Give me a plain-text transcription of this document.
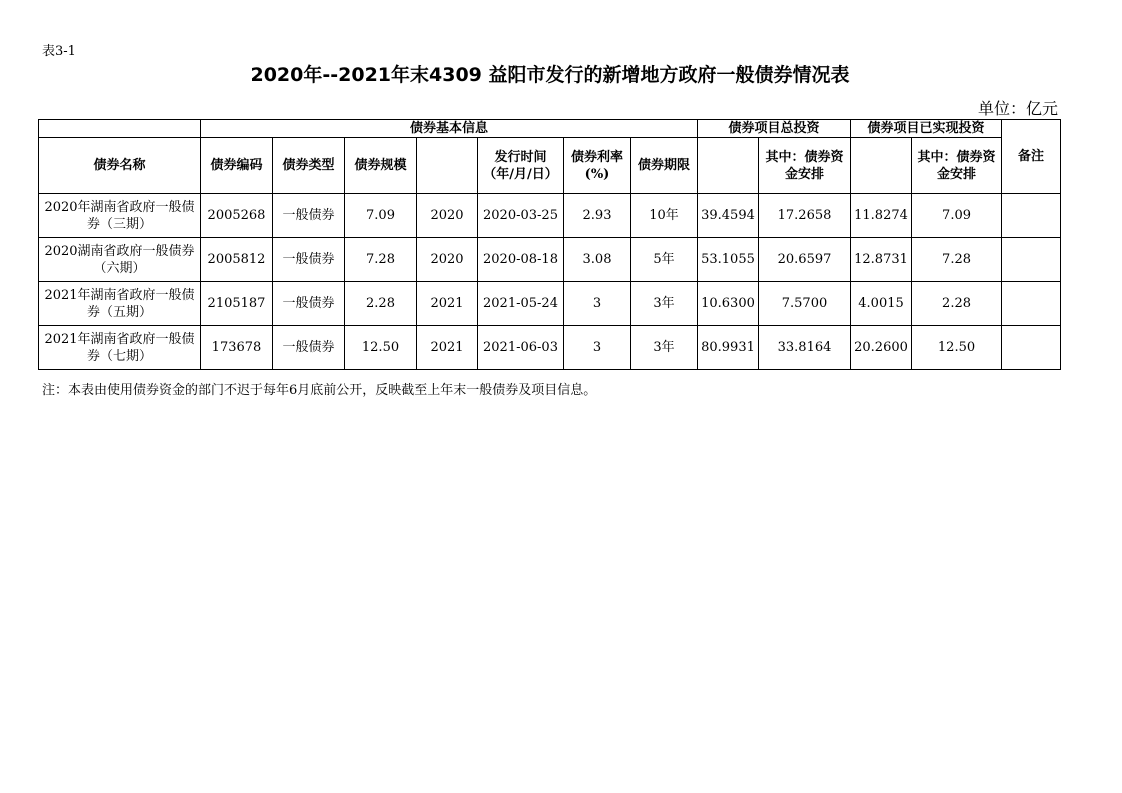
表3-1
2020年--2021年末4309 益阳市发行的新增地方政府一般债券情况表
单位：亿元
	债券基本信息							债券项目总投资		债券项目已实现投资		备注
债券名称	债券编码	债券类型	债券规模		发行时间（年/月/日）	债券利率(%)	债券期限		其中：债券资金安排		其中：债券资金安排	
2020年湖南省政府一般债券（三期）	2005268	一般债券	7.09	2020	2020-03-25	2.93	10年	39.4594	17.2658	11.8274	7.09	
2020湖南省政府一般债券（六期）	2005812	一般债券	7.28	2020	2020-08-18	3.08	5年	53.1055	20.6597	12.8731	7.28	
2021年湖南省政府一般债券（五期）	2105187	一般债券	2.28	2021	2021-05-24	3	3年	10.6300	7.5700	4.0015	2.28	
2021年湖南省政府一般债券（七期）	173678	一般债券	12.50	2021	2021-06-03	3	3年	80.9931	33.8164	20.2600	12.50	
注：本表由使用债券资金的部门不迟于每年6月底前公开，反映截至上年末一般债券及项目信息。
